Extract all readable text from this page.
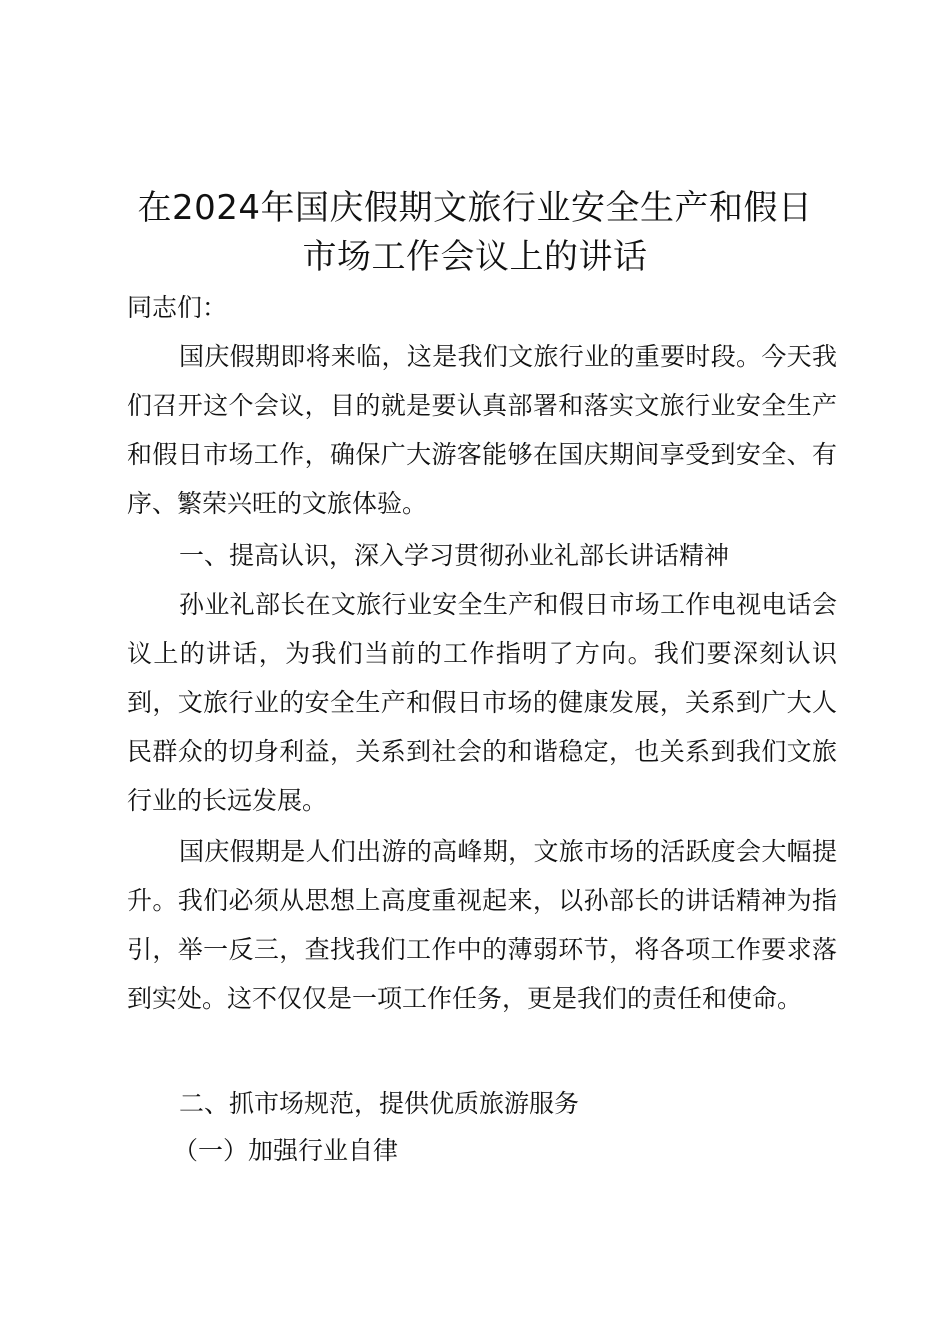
在2024年国庆假期文旅行业安全生产和假日
市场工作会议上的讲话
同志们：
国庆假期即将来临，这是我们文旅行业的重要时段。今天我们召开这个会议，目的就是要认真部署和落实文旅行业安全生产和假日市场工作，确保广大游客能够在国庆期间享受到安全、有序、繁荣兴旺的文旅体验。
一、提高认识，深入学习贯彻孙业礼部长讲话精神
孙业礼部长在文旅行业安全生产和假日市场工作电视电话会议上的讲话，为我们当前的工作指明了方向。我们要深刻认识到，文旅行业的安全生产和假日市场的健康发展，关系到广大人民群众的切身利益，关系到社会的和谐稳定，也关系到我们文旅行业的长远发展。
国庆假期是人们出游的高峰期，文旅市场的活跃度会大幅提升。我们必须从思想上高度重视起来，以孙部长的讲话精神为指引，举一反三，查找我们工作中的薄弱环节，将各项工作要求落到实处。这不仅仅是一项工作任务，更是我们的责任和使命。
二、抓市场规范，提供优质旅游服务
（一）加强行业自律
